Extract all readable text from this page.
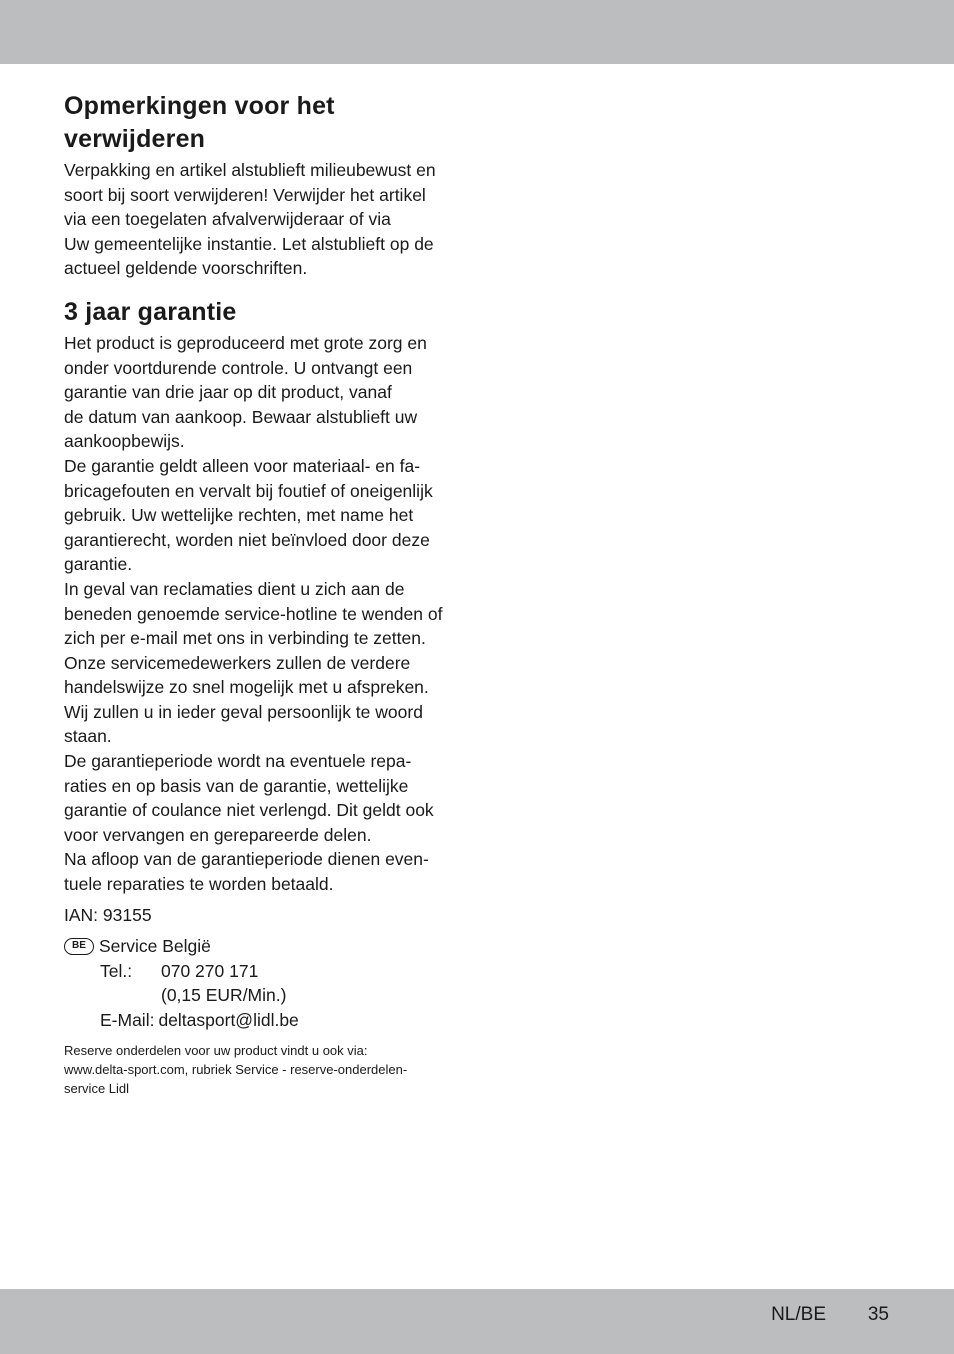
Opmerkingen voor het
verwijderen

Verpakking en artikel alstublieft milieubewust en

soort bij soort verwijderen! Verwijder het artikel

via een toegelaten afvalverwijderaar of via

Uw gemeentelijke instantie. Let alstublieft op de

actueel geldende voorschriften.

3 jaar garantie

Het product is geproduceerd met grote zorg en

onder voortdurende controle. U ontvangt een

garantie van drie jaar op dit product, vanaf

de datum van aankoop. Bewaar alstublieft uw

aankoopbewijs.

De garantie geldt alleen voor materiaal- en fa-

bricagefouten en vervalt bij foutief of oneigenlijk

gebruik. Uw wettelijke rechten, met name het

garantierecht, worden niet beïnvloed door deze

garantie.

In geval van reclamaties dient u zich aan de

beneden genoemde service-hotline te wenden of

zich per e-mail met ons in verbinding te zetten.

Onze servicemedewerkers zullen de verdere

handelswijze zo snel mogelijk met u afspreken.

Wij zullen u in ieder geval persoonlijk te woord

staan.

De garantieperiode wordt na eventuele repa-

raties en op basis van de garantie, wettelijke

garantie of coulance niet verlengd. Dit geldt ook

voor vervangen en gerepareerde delen.

Na afloop van de garantieperiode dienen even-

tuele reparaties te worden betaald.

IAN: 93155
BE Service België
Tel.:	070 270 171
(0,15 EUR/Min.)
E-Mail: deltasport@lidl.be
Reserve onderdelen voor uw product vindt u ook via:
www.delta-sport.com, rubriek Service - reserve-onderdelen-
service Lidl
NL/BE 35
